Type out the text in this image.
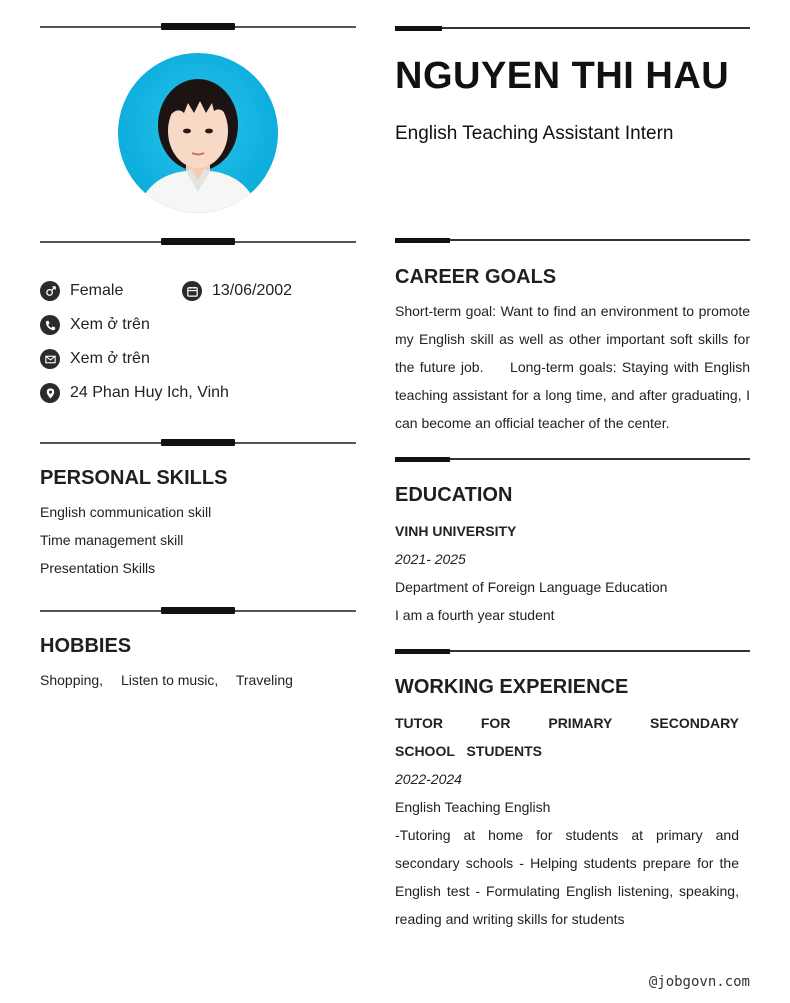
Female	13/06/2002
Xem ở trên
Xem ở trên
24 Phan Huy Ich, Vinh
PERSONAL SKILLS
English communication skill
Time management skill
Presentation Skills
HOBBIES
Shopping, Listen to music, Traveling
NGUYEN THI HAU

English Teaching Assistant Intern

CAREER GOALS
Short-term goal: Want to find an environment to promote my English skill as well as other important soft skills for the future job.     Long-term goals: Staying with English teaching assistant for a long time, and after graduating, I can become an official teacher of the center.
EDUCATION
VINH UNIVERSITY
2021- 2025
Department of Foreign Language Education
I am a fourth year student
WORKING EXPERIENCE
TUTOR FOR PRIMARY SECONDARY   SCHOOL STUDENTS
2022-2024
English Teaching English
-Tutoring at home for students at primary and secondary schools - Helping students prepare for the English test - Formulating English listening, speaking, reading and writing skills for students
@jobgovn.com
